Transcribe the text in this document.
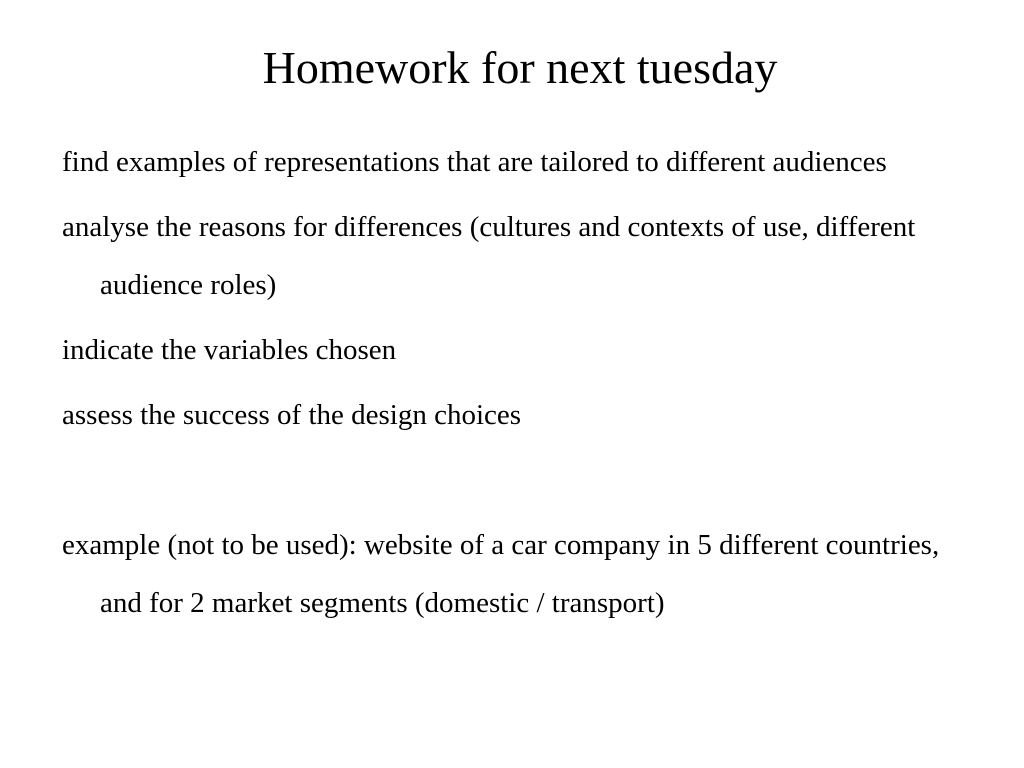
Homework for next tuesday

find examples of representations that are tailored to different audiences

analyse the reasons for differences (cultures and contexts of use, different audience roles)

indicate the variables chosen

assess the success of the design choices

example (not to be used): website of a car company in 5 different countries, and for 2 market segments (domestic / transport)
